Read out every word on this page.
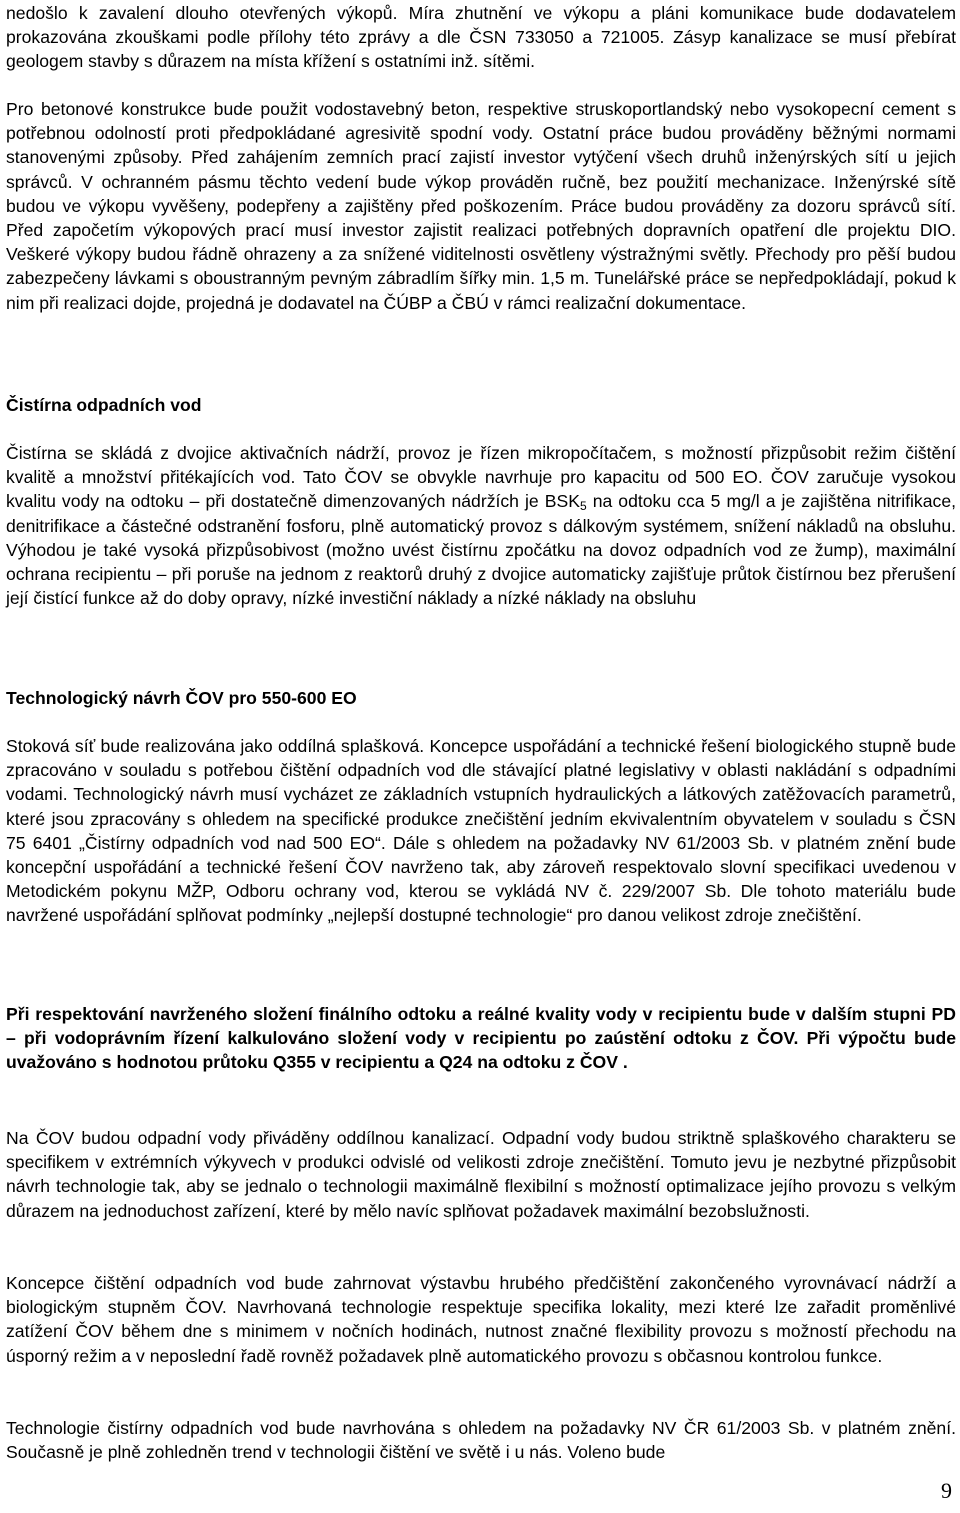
nedošlo k zavalení dlouho otevřených výkopů. Míra zhutnění ve výkopu a pláni komunikace bude dodavatelem prokazována zkouškami podle přílohy této zprávy a dle ČSN 733050 a 721005. Zásyp kanalizace se musí přebírat geologem stavby s důrazem na místa křížení s ostatními inž. sítěmi.

Pro betonové konstrukce bude použit vodostavebný beton, respektive struskoportlandský nebo vysokopecní cement s potřebnou odolností proti předpokládané agresivitě spodní vody. Ostatní práce budou prováděny běžnými normami stanovenými způsoby. Před zahájením zemních prací zajistí investor vytýčení všech druhů inženýrských sítí u jejich správců. V ochranném pásmu těchto vedení bude výkop prováděn ručně, bez použití mechanizace. Inženýrské sítě budou ve výkopu vyvěšeny, podepřeny a zajištěny před poškozením. Práce budou prováděny za dozoru správců sítí. Před započetím výkopových prací musí investor zajistit realizaci potřebných dopravních opatření dle projektu DIO. Veškeré výkopy budou řádně ohrazeny a za snížené viditelnosti osvětleny výstražnými světly. Přechody pro pěší budou zabezpečeny lávkami s oboustranným pevným zábradlím šířky min. 1,5 m. Tunelářské práce se nepředpokládají, pokud k nim při realizaci dojde, projedná je dodavatel na ČÚBP a ČBÚ v rámci realizační dokumentace.

Čistírna odpadních vod

Čistírna se skládá z dvojice aktivačních nádrží, provoz je řízen mikropočítačem, s možností přizpůsobit režim čištění kvalitě a množství přitékajících vod. Tato ČOV se obvykle navrhuje pro kapacitu od 500 EO. ČOV zaručuje vysokou kvalitu vody na odtoku – při dostatečně dimenzovaných nádržích je $BSK_5$ na odtoku cca 5 mg/l a je zajištěna nitrifikace, denitrifikace a částečné odstranění fosforu, plně automatický provoz s dálkovým systémem, snížení nákladů na obsluhu. Výhodou je také vysoká přizpůsobivost (možno uvést čistírnu zpočátku na dovoz odpadních vod ze žump), maximální ochrana recipientu – při poruše na jednom z reaktorů druhý z dvojice automaticky zajišťuje průtok čistírnou bez přerušení její čistící funkce až do doby opravy, nízké investiční náklady a nízké náklady na obsluhu

Technologický návrh ČOV pro 550-600 EO

Stoková síť bude realizována jako oddílná splašková. Koncepce uspořádání a technické řešení biologického stupně bude zpracováno v souladu s potřebou čištění odpadních vod dle stávající platné legislativy v oblasti nakládání s odpadními vodami. Technologický návrh musí vycházet ze základních vstupních hydraulických a látkových zatěžovacích parametrů, které jsou zpracovány s ohledem na specifické produkce znečištění jedním ekvivalentním obyvatelem v souladu s ČSN 75 6401 „Čistírny odpadních vod nad 500 EO“. Dále s ohledem na požadavky NV 61/2003 Sb. v platném znění bude koncepční uspořádání a technické řešení ČOV navrženo tak, aby zároveň respektovalo slovní specifikaci uvedenou v Metodickém pokynu MŽP, Odboru ochrany vod, kterou se vykládá NV č. 229/2007 Sb. Dle tohoto materiálu bude navržené uspořádání splňovat podmínky „nejlepší dostupné technologie“ pro danou velikost zdroje znečištění.

Při respektování navrženého složení finálního odtoku a reálné kvality vody v recipientu bude v dalším stupni PD – při vodoprávním řízení kalkulováno složení vody v recipientu po zaústění odtoku z ČOV. Při výpočtu bude uvažováno s hodnotou průtoku Q355 v recipientu a Q24 na odtoku z ČOV .

Na ČOV budou odpadní vody přiváděny oddílnou kanalizací. Odpadní vody budou striktně splaškového charakteru se specifikem v extrémních výkyvech v produkci odvislé od velikosti zdroje znečištění. Tomuto jevu je nezbytné přizpůsobit návrh technologie tak, aby se jednalo o technologii maximálně flexibilní s možností optimalizace jejího provozu s velkým důrazem na jednoduchost zařízení, které by mělo navíc splňovat požadavek maximální bezobslužnosti.

Koncepce čištění odpadních vod bude zahrnovat výstavbu hrubého předčištění zakončeného vyrovnávací nádrží a biologickým stupněm ČOV. Navrhovaná technologie respektuje specifika lokality, mezi které lze zařadit proměnlivé zatížení ČOV během dne s minimem v nočních hodinách, nutnost značné flexibility provozu s možností přechodu na úsporný režim a v neposlední řadě rovněž požadavek plně automatického provozu s občasnou kontrolou funkce.

Technologie čistírny odpadních vod bude navrhována s ohledem na požadavky NV ČR 61/2003 Sb. v platném znění. Současně je plně zohledněn trend v technologii čištění ve světě i u nás. Voleno bude

9
